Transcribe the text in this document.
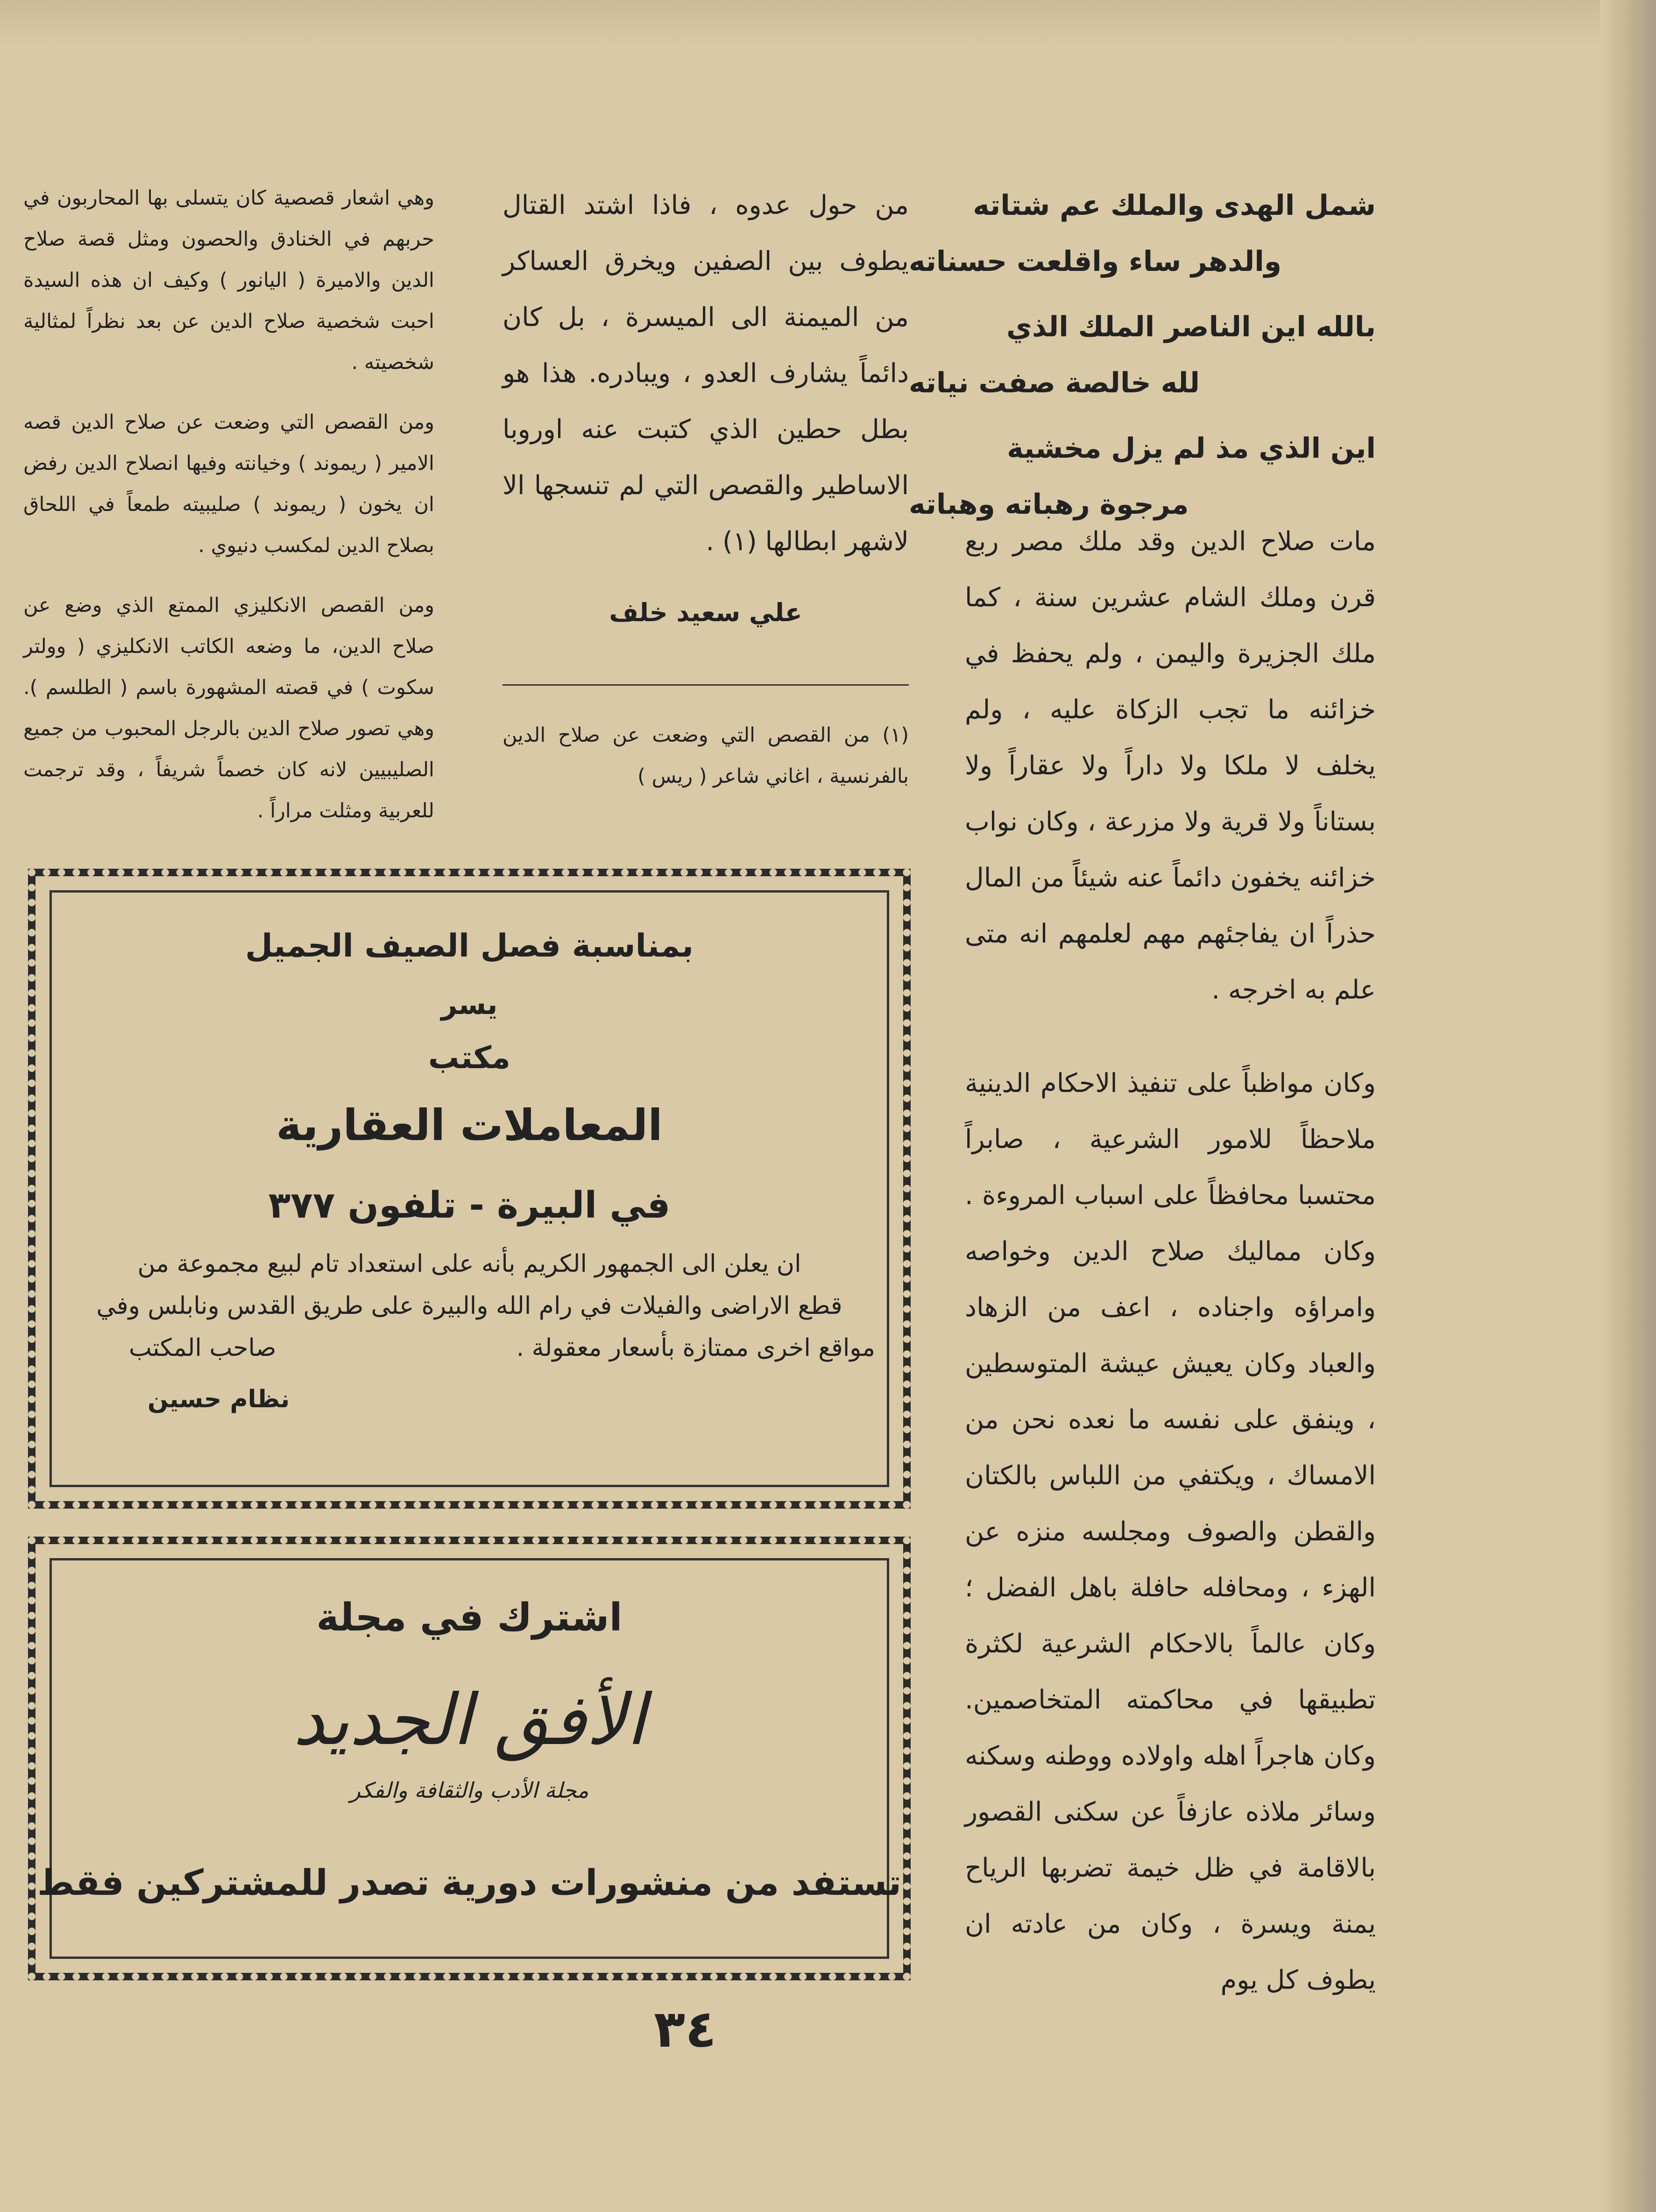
شمل الهدى والملك عم شتاته

والدهر ساء واقلعت حسناته

بالله اين الناصر الملك الذي

لله خالصة صفت نياته

اين الذي مذ لم يزل مخشية

مرجوة رهباته وهباته

مات صلاح الدين وقد ملك مصر ربع قرن وملك الشام عشرين سنة ، كما ملك الجزيرة واليمن ، ولم يحفظ في خزائنه ما تجب الزكاة عليه ، ولم يخلف لا ملكا ولا داراً ولا عقاراً ولا بستاناً ولا قرية ولا مزرعة ، وكان نواب خزائنه يخفون دائماً عنه شيئاً من المال حذراً ان يفاجئهم مهم لعلمهم انه متى علم به اخرجه .

وكان مواظباً على تنفيذ الاحكام الدينية ملاحظاً للامور الشرعية ، صابراً محتسبا محافظاً على اسباب المروءة . وكان مماليك صلاح الدين وخواصه وامراؤه واجناده ، اعف من الزهاد والعباد وكان يعيش عيشة المتوسطين ، وينفق على نفسه ما نعده نحن من الامساك ، ويكتفي من اللباس بالكتان والقطن والصوف ومجلسه منزه عن الهزء ، ومحافله حافلة باهل الفضل ؛ وكان عالماً بالاحكام الشرعية لكثرة تطبيقها في محاكمته المتخاصمين. وكان هاجراً اهله واولاده ووطنه وسكنه وسائر ملاذه عازفاً عن سكنى القصور بالاقامة في ظل خيمة تضربها الرياح يمنة ويسرة ، وكان من عادته ان يطوف كل يوم

من حول عدوه ، فاذا اشتد القتال يطوف بين الصفين ويخرق العساكر من الميمنة الى الميسرة ، بل كان دائماً يشارف العدو ، ويبادره. هذا هو بطل حطين الذي كتبت عنه اوروبا الاساطير والقصص التي لم تنسجها الا لاشهر ابطالها (١) .

علي سعيد خلف

(١) من القصص التي وضعت عن صلاح الدين بالفرنسية ، اغاني شاعر ( ريس )

وهي اشعار قصصية كان يتسلى بها المحاربون في حربهم في الخنادق والحصون ومثل قصة صلاح الدين والاميرة ( اليانور ) وكيف ان هذه السيدة احبت شخصية صلاح الدين عن بعد نظراً لمثالية شخصيته .

ومن القصص التي وضعت عن صلاح الدين قصه الامير ( ريموند ) وخيانته وفيها انصلاح الدين رفض ان يخون ( ريموند ) صليبيته طمعاً في اللحاق بصلاح الدين لمكسب دنيوي .

ومن القصص الانكليزي الممتع الذي وضع عن صلاح الدين، ما وضعه الكاتب الانكليزي ( وولتر سكوت ) في قصته المشهورة باسم ( الطلسم ). وهي تصور صلاح الدين بالرجل المحبوب من جميع الصليبيين لانه كان خصماً شريفاً ، وقد ترجمت للعربية ومثلت مراراً .

بمناسبة فصل الصيف الجميل
يسر
مكتب
المعاملات العقارية
في البيرة - تلفون ٣٧٧
ان يعلن الى الجمهور الكريم بأنه على استعداد تام لبيع مجموعة من
قطع الاراضى والفيلات في رام الله والبيرة على طريق القدس ونابلس وفي
مواقع اخرى ممتازة بأسعار معقولة .
صاحب المكتب
نظام حسين
اشترك في مجلة
الأفق الجديد
مجلة الأدب والثقافة والفكر
تستفد من منشورات دورية تصدر للمشتركين فقط
٣٤
